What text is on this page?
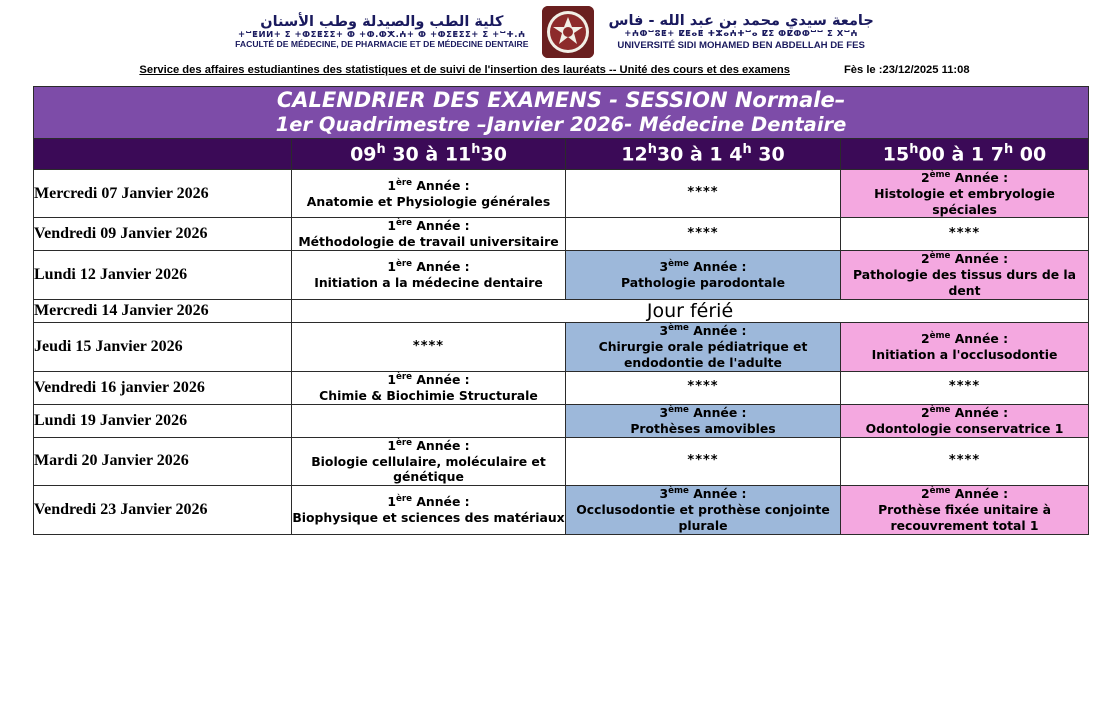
كلية الطب والصيدلة وطب الأسنان
+ⵯⵟⵍⵍ+ ⵉ +ⵀⵉⵟⵉⵉ+ ⵀ +ⵀ.ⵀⵅ.ⵄ+ ⵀ +ⵀⵉⵟⵉⵉ+ ⵉ +ⵯⵜ.ⵄ
FACULTÉ DE MÉDECINE, DE PHARMACIE ET DE MÉDECINE DENTAIRE
جامعة سيدي محمد بن عبد الله - فاس
+ⵄⵀⵯⵓⵟ+ ⵇⵟⴰⵟ ⵜⵣⴰⵄⵜⵯⴰ ⵇⵉ ⵀⵇⵀⵀⵯⵯ ⵉ ⵝⵯⵄ
UNIVERSITÉ SIDI MOHAMED BEN ABDELLAH DE FES
Service des affaires estudiantines des statistiques et de suivi de l'insertion des lauréats -- Unité des cours et des examens	Fès le :23/12/2025 11:08
CALENDRIER DES EXAMENS - SESSION Normale–
1er Quadrimestre –Janvier 2026- Médecine Dentaire			

	09$^h$ 30 à 11$^h$30	12$^h$30 à 1 4$^h$ 30	15$^h$00 à 1 7$^h$ 00
Mercredi 07 Janvier 2026	1ère Année :
Anatomie et Physiologie générales	****	2ème Année :
Histologie et embryologie spéciales

Vendredi 09 Janvier 2026	1ère Année :
Méthodologie de travail universitaire	****	****

Lundi 12 Janvier 2026	1ère Année :
Initiation a la médecine dentaire	3ème Année :
Pathologie parodontale	2ème Année :
Pathologie des tissus durs de la dent

Mercredi 14 Janvier 2026	Jour férié		
Jeudi 15 Janvier 2026	****	3ème Année :
Chirurgie orale pédiatrique et endodontie de l'adulte	2ème Année :
Initiation a l'occlusodontie

Vendredi 16 janvier 2026	1ère Année :
Chimie & Biochimie Structurale	****	****

Lundi 19 Janvier 2026		3ème Année :
Prothèses amovibles	2ème Année :
Odontologie conservatrice 1

Mardi 20 Janvier 2026	1ère Année :
Biologie cellulaire, moléculaire et génétique	****	****

Vendredi 23 Janvier 2026	1ère Année :
Biophysique et sciences des matériaux	3ème Année :
Occlusodontie et prothèse conjointe plurale	2ème Année :
Prothèse fixée unitaire à recouvrement total 1
